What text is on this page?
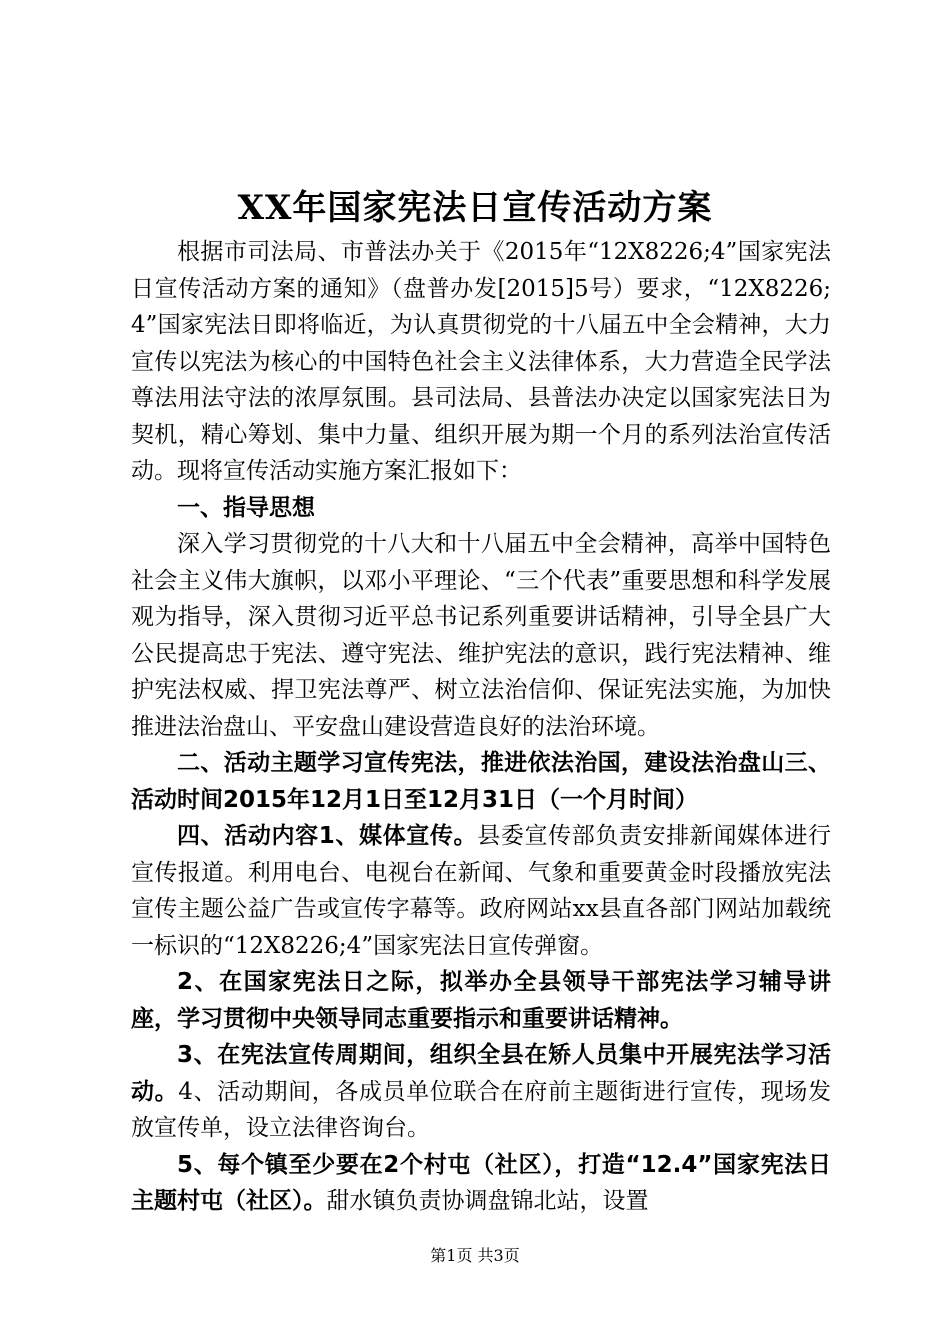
XX年国家宪法日宣传活动方案

根据市司法局、市普法办关于《2015年“12X8226;4”国家宪法日宣传活动方案的通知》（盘普办发[2015]5号）要求，“12X8226;4”国家宪法日即将临近，为认真贯彻党的十八届五中全会精神，大力宣传以宪法为核心的中国特色社会主义法律体系，大力营造全民学法尊法用法守法的浓厚氛围。县司法局、县普法办决定以国家宪法日为契机，精心筹划、集中力量、组织开展为期一个月的系列法治宣传活动。现将宣传活动实施方案汇报如下：

一、指导思想

深入学习贯彻党的十八大和十八届五中全会精神，高举中国特色社会主义伟大旗帜，以邓小平理论、“三个代表”重要思想和科学发展观为指导，深入贯彻习近平总书记系列重要讲话精神，引导全县广大公民提高忠于宪法、遵守宪法、维护宪法的意识，践行宪法精神、维护宪法权威、捍卫宪法尊严、树立法治信仰、保证宪法实施，为加快推进法治盘山、平安盘山建设营造良好的法治环境。

二、活动主题学习宣传宪法，推进依法治国，建设法治盘山三、活动时间2015年12月1日至12月31日（一个月时间）

四、活动内容1、媒体宣传。县委宣传部负责安排新闻媒体进行宣传报道。利用电台、电视台在新闻、气象和重要黄金时段播放宪法宣传主题公益广告或宣传字幕等。政府网站xx县直各部门网站加载统一标识的“12X8226;4”国家宪法日宣传弹窗。

2、在国家宪法日之际，拟举办全县领导干部宪法学习辅导讲座，学习贯彻中央领导同志重要指示和重要讲话精神。

3、在宪法宣传周期间，组织全县在矫人员集中开展宪法学习活动。4、活动期间，各成员单位联合在府前主题街进行宣传，现场发放宣传单，设立法律咨询台。

5、每个镇至少要在2个村屯（社区），打造“12.4”国家宪法日主题村屯（社区）。甜水镇负责协调盘锦北站，设置

第1页 共3页
